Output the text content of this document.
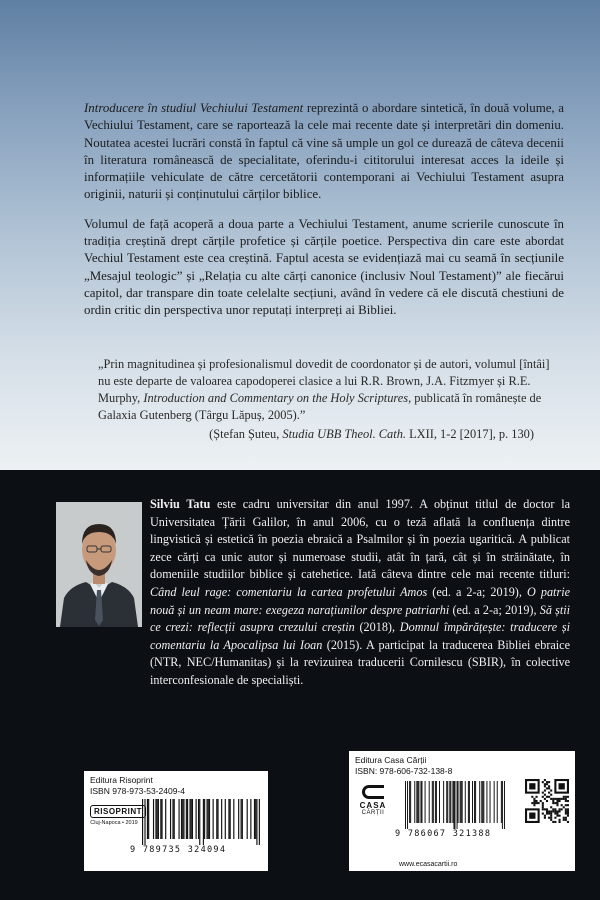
Introducere în studiul Vechiului Testament reprezintă o abordare sintetică, în două volume, a Vechiului Testament, care se raportează la cele mai recente date și interpretări din domeniu. Noutatea acestei lucrări constă în faptul că vine să umple un gol ce durează de câteva decenii în literatura românească de specialitate, oferindu-i cititorului interesat acces la ideile și informațiile vehiculate de către cercetătorii contemporani ai Vechiului Testament asupra originii, naturii și conținutului cărților biblice.

Volumul de față acoperă a doua parte a Vechiului Testament, anume scrierile cunoscute în tradiția creștină drept cărțile profetice și cărțile poetice. Perspectiva din care este abordat Vechiul Testament este cea creștină. Faptul acesta se evidențiază mai cu seamă în secțiunile „Mesajul teologic” și „Relația cu alte cărți canonice (inclusiv Noul Testament)” ale fiecărui capitol, dar transpare din toate celelalte secțiuni, având în vedere că ele discută chestiuni de ordin critic din perspectiva unor reputați interpreți ai Bibliei.

„Prin magnitudinea și profesionalismul dovedit de coordonator și de autori, volumul [întâi] nu este departe de valoarea capodoperei clasice a lui R.R. Brown, J.A. Fitzmyer și R.E. Murphy, Introduction and Commentary on the Holy Scriptures, publicată în românește de Galaxia Gutenberg (Târgu Lăpuș, 2005).”
(Ștefan Șuteu, Studia UBB Theol. Cath. LXII, 1-2 [2017], p. 130)
Silviu Tatu este cadru universitar din anul 1997. A obținut titlul de doctor la Universitatea Țării Galilor, în anul 2006, cu o teză aflată la confluența dintre lingvistică și estetică în poezia ebraică a Psalmilor și în poezia ugaritică. A publicat zece cărți ca unic autor și numeroase studii, atât în țară, cât și în străinătate, în domeniile studiilor biblice și catehetice. Iată câteva dintre cele mai recente titluri: Când leul rage: comentariu la cartea profetului Amos (ed. a 2-a; 2019), O patrie nouă și un neam mare: exegeza narațiunilor despre patriarhi (ed. a 2-a; 2019), Să știi ce crezi: reflecții asupra crezului creștin (2018), Domnul împărățește: traducere și comentariu la Apocalipsa lui Ioan (2015). A participat la traducerea Bibliei ebraice (NTR, NEC/Humanitas) și la revizuirea traducerii Cornilescu (SBIR), în colective interconfesionale de specialiști.
Editura Risoprint
ISBN 978-973-53-2409-4
RISOPRINT
Cluj-Napoca • 2019
9 789735 324094
Editura Casa Cărții
ISBN: 978-606-732-138-8
CASA
CĂRȚII
9 786067 321388
www.ecasacartii.ro
